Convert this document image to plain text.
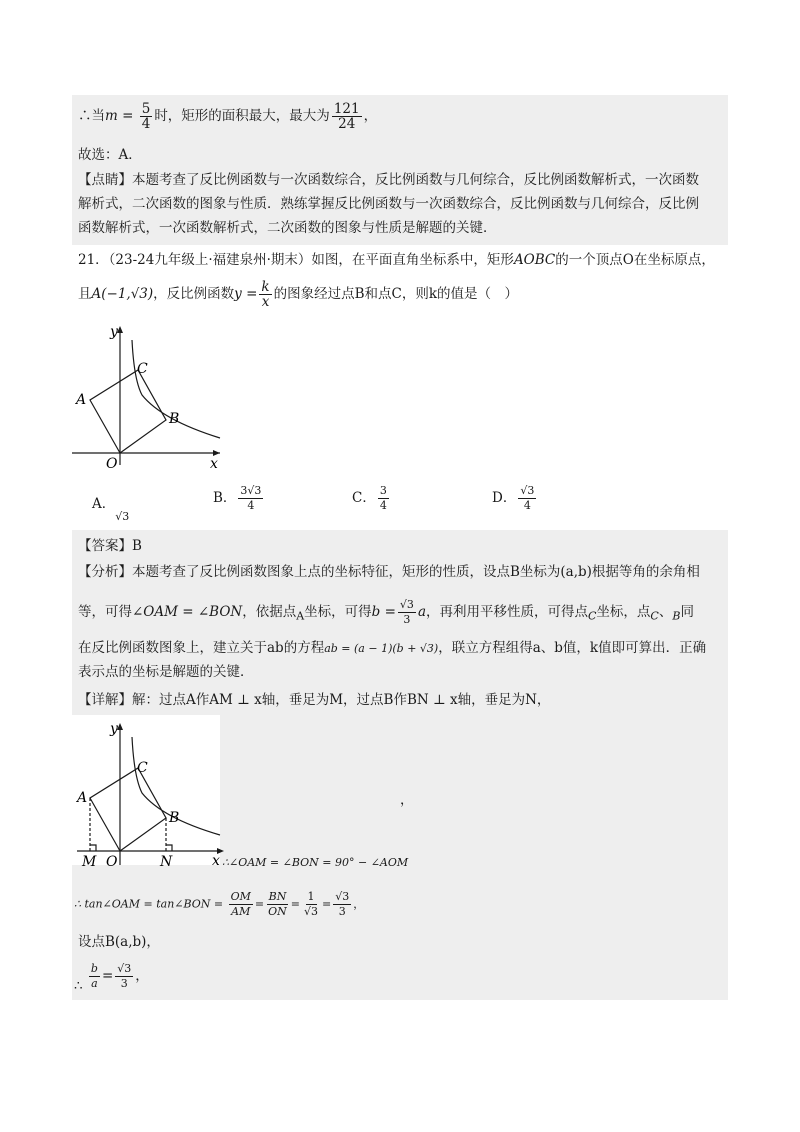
∴当$m = \frac{5}{4}$ 时，矩形的面积最大，最大为 $\frac{121}{24}$ ，
故选：A．
【点睛】本题考查了反比例函数与一次函数综合，反比例函数与几何综合，反比例函数解析式，一次函数
解析式，二次函数的图象与性质．熟练掌握反比例函数与一次函数综合，反比例函数与几何综合，反比例
函数解析式，一次函数解析式，二次函数的图象与性质是解题的关键．
21．（23-24九年级上·福建泉州·期末）如图，在平面直角坐标系中，矩形AOBC的一个顶点O在坐标原点，
且A(−1,√3)，反比例函数$y = \frac{k}{x}$ 的图象经过点B和点C，则k的值是（　）
y
x
O
A
B
C
A．$_{√3}$
B． $\frac{3√3}{4}$	C． $\frac{3}{4}$	D． $\frac{√3}{4}$
【答案】B
【分析】本题考查了反比例函数图象上点的坐标特征，矩形的性质，设点B坐标为(a,b)根据等角的余角相
等，可得∠OAM = ∠BON，依据点$_A$坐标，可得$b = \frac{√3}{3}$ a，再利用平移性质，可得点$_C$坐标，点$_C$、$_B$同
在反比例函数图象上，建立关于ab的方程ab = (a − 1)(b + √3)，联立方程组得a、b值，k值即可算出．正确
表示点的坐标是解题的关键．
【详解】解：过点A作AM ⊥ x轴，垂足为M，过点B作BN ⊥ x轴，垂足为N，
y
x
O
A
B
C
M	N
，
∴∠OAM = ∠BON = 90° − ∠AOM
∴ tan∠OAM = tan∠BON = $\frac{OM}{AM} = \frac{BN}{ON} = \frac{1}{√3} = \frac{√3}{3}$ ，
设点B(a,b)，
∴ $\frac{b}{a} = \frac{√3}{3}$ ，
